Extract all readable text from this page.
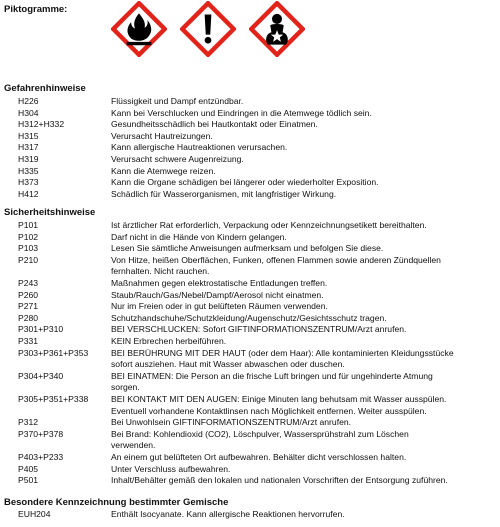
Piktogramme:
Gefahrenhinweise
H226	Flüssigkeit und Dampf entzündbar.
H304	Kann bei Verschlucken und Eindringen in die Atemwege tödlich sein.
H312+H332	Gesundheitsschädlich bei Hautkontakt oder Einatmen.
H315	Verursacht Hautreizungen.
H317	Kann allergische Hautreaktionen verursachen.
H319	Verursacht schwere Augenreizung.
H335	Kann die Atemwege reizen.
H373	Kann die Organe schädigen bei längerer oder wiederholter Exposition.
H412	Schädlich für Wasserorganismen, mit langfristiger Wirkung.
Sicherheitshinweise
P101	Ist ärztlicher Rat erforderlich, Verpackung oder Kennzeichnungsetikett bereithalten.
P102	Darf nicht in die Hände von Kindern gelangen.
P103	Lesen Sie sämtliche Anweisungen aufmerksam und befolgen Sie diese.
P210	Von Hitze, heißen Oberflächen, Funken, offenen Flammen sowie anderen Zündquellen
fernhalten. Nicht rauchen.
P243	Maßnahmen gegen elektrostatische Entladungen treffen.
P260	Staub/Rauch/Gas/Nebel/Dampf/Aerosol nicht einatmen.
P271	Nur im Freien oder in gut belüfteten Räumen verwenden.
P280	Schutzhandschuhe/Schutzkleidung/Augenschutz/Gesichtsschutz tragen.
P301+P310	BEI VERSCHLUCKEN: Sofort GIFTINFORMATIONSZENTRUM/Arzt anrufen.
P331	KEIN Erbrechen herbeiführen.
P303+P361+P353	BEI BERÜHRUNG MIT DER HAUT (oder dem Haar): Alle kontaminierten Kleidungsstücke
sofort ausziehen. Haut mit Wasser abwaschen oder duschen.
P304+P340	BEI EINATMEN: Die Person an die frische Luft bringen und für ungehinderte Atmung
sorgen.
P305+P351+P338	BEI KONTAKT MIT DEN AUGEN: Einige Minuten lang behutsam mit Wasser ausspülen.
Eventuell vorhandene Kontaktlinsen nach Möglichkeit entfernen. Weiter ausspülen.
P312	Bei Unwohlsein GIFTINFORMATIONSZENTRUM/Arzt anrufen.
P370+P378	Bei Brand: Kohlendioxid (CO2), Löschpulver, Wassersprühstrahl zum Löschen
verwenden.
P403+P233	An einem gut belüfteten Ort aufbewahren. Behälter dicht verschlossen halten.
P405	Unter Verschluss aufbewahren.
P501	Inhalt/Behälter gemäß den lokalen und nationalen Vorschriften der Entsorgung zuführen.
Besondere Kennzeichnung bestimmter Gemische
EUH204	Enthält Isocyanate. Kann allergische Reaktionen hervorrufen.
